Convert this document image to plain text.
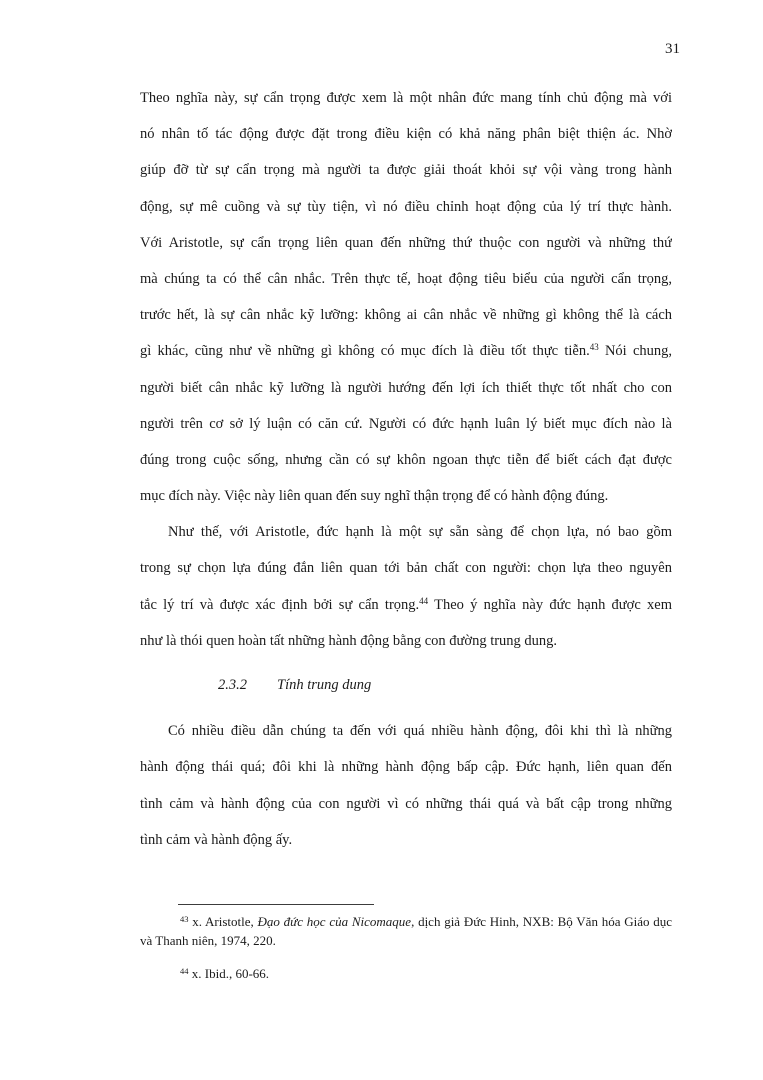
31
Theo nghĩa này, sự cẩn trọng được xem là một nhân đức mang tính chủ động mà với
nó nhân tố tác động được đặt trong điều kiện có khả năng phân biệt thiện ác. Nhờ
giúp đỡ từ sự cẩn trọng mà người ta được giải thoát khỏi sự vội vàng trong hành
động, sự mê cuồng và sự tùy tiện, vì nó điều chỉnh hoạt động của lý trí thực hành.
Với Aristotle, sự cẩn trọng liên quan đến những thứ thuộc con người và những thứ
mà chúng ta có thể cân nhắc. Trên thực tế, hoạt động tiêu biểu của người cẩn trọng,
trước hết, là sự cân nhắc kỹ lưỡng: không ai cân nhắc về những gì không thể là cách
gì khác, cũng như về những gì không có mục đích là điều tốt thực tiễn.$^{43}$ Nói chung,
người biết cân nhắc kỹ lưỡng là người hướng đến lợi ích thiết thực tốt nhất cho con
người trên cơ sở lý luận có căn cứ. Người có đức hạnh luân lý biết mục đích nào là
đúng trong cuộc sống, nhưng cần có sự khôn ngoan thực tiễn để biết cách đạt được
mục đích này. Việc này liên quan đến suy nghĩ thận trọng để có hành động đúng.
Như thế, với Aristotle, đức hạnh là một sự sẵn sàng để chọn lựa, nó bao gồm
trong sự chọn lựa đúng đắn liên quan tới bản chất con người: chọn lựa theo nguyên
tắc lý trí và được xác định bởi sự cẩn trọng.$^{44}$ Theo ý nghĩa này đức hạnh được xem
như là thói quen hoàn tất những hành động bằng con đường trung dung.
2.3.2 Tính trung dung
Có nhiều điều dẫn chúng ta đến với quá nhiều hành động, đôi khi thì là những
hành động thái quá; đôi khi là những hành động bấp cập. Đức hạnh, liên quan đến
tình cảm và hành động của con người vì có những thái quá và bất cập trong những
tình cảm và hành động ấy.
$^{43}$ x. Aristotle, Đạo đức học của Nicomaque, dịch giả Đức Hinh, NXB: Bộ Văn hóa Giáo dục
và Thanh niên, 1974, 220.
$^{44}$ x. Ibid., 60-66.
